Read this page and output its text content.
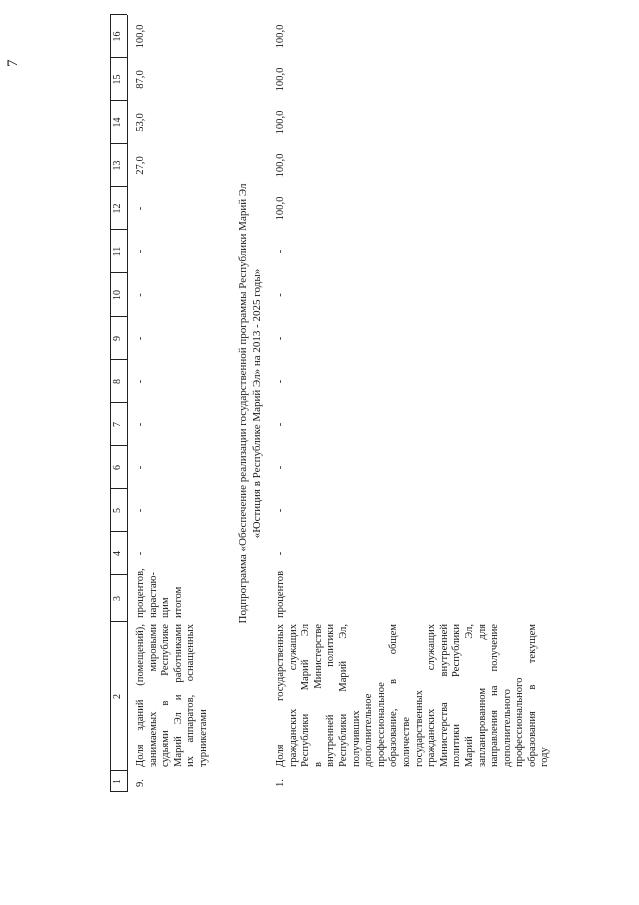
7
1
2
3
4
5
6
7
8
9
10
11
12
13
14
15
16
9.
Доля зданий (помещений), занимаемых мировыми судьями в Республике Марий Эл и работниками их аппаратов, оснащенных турникетами
процентов, нарастаю- щим итогом
-
-
-
-
-
-
-
-
-
27,0
53,0
87,0
100,0
Подпрограмма «Обеспечение реализации государственной программы Республики Марий Эл «Юстиция в Республике Марий Эл» на 2013 - 2025 годы»
1.
Доля государственных гражданских служащих Республики Марий Эл в Министерстве внутренней политики Республики Марий Эл, получивших дополнительное профессиональное образование, в общем количестве государственных гражданских служащих Министерства внутренней политики Республики Марий Эл, запланированном для направления на получение дополнительного профессионального образования в текущем году
процентов
-
-
-
-
-
-
-
-
100,0
100,0
100,0
100,0
100,0
